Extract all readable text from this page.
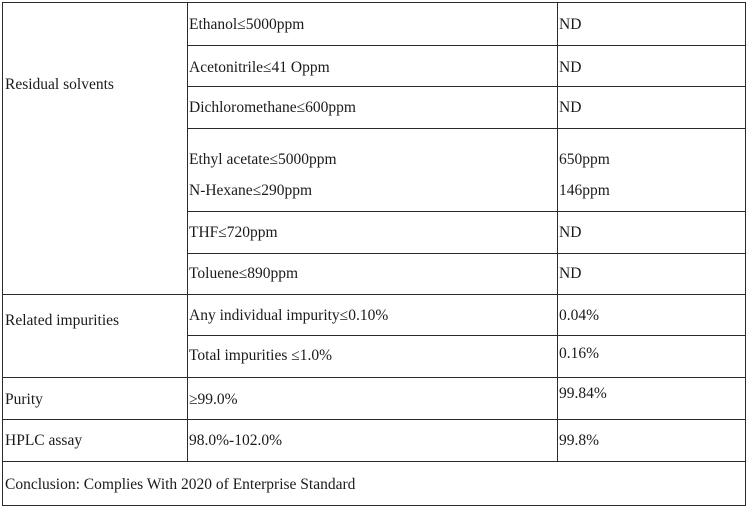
Residual solvents
Related impurities
Purity
HPLC assay
Ethanol≤5000ppm
Acetonitrile≤41 Oppm
Dichloromethane≤600ppm
Ethyl acetate≤5000ppm
N-Hexane≤290ppm
THF≤720ppm
Toluene≤890ppm
Any individual impurity≤0.10%
Total impurities ≤1.0%
≥99.0%
98.0%-102.0%
ND
ND
ND
650ppm
146ppm
ND
ND
0.04%
0.16%
99.84%
99.8%
Conclusion: Complies With 2020 of Enterprise Standard
